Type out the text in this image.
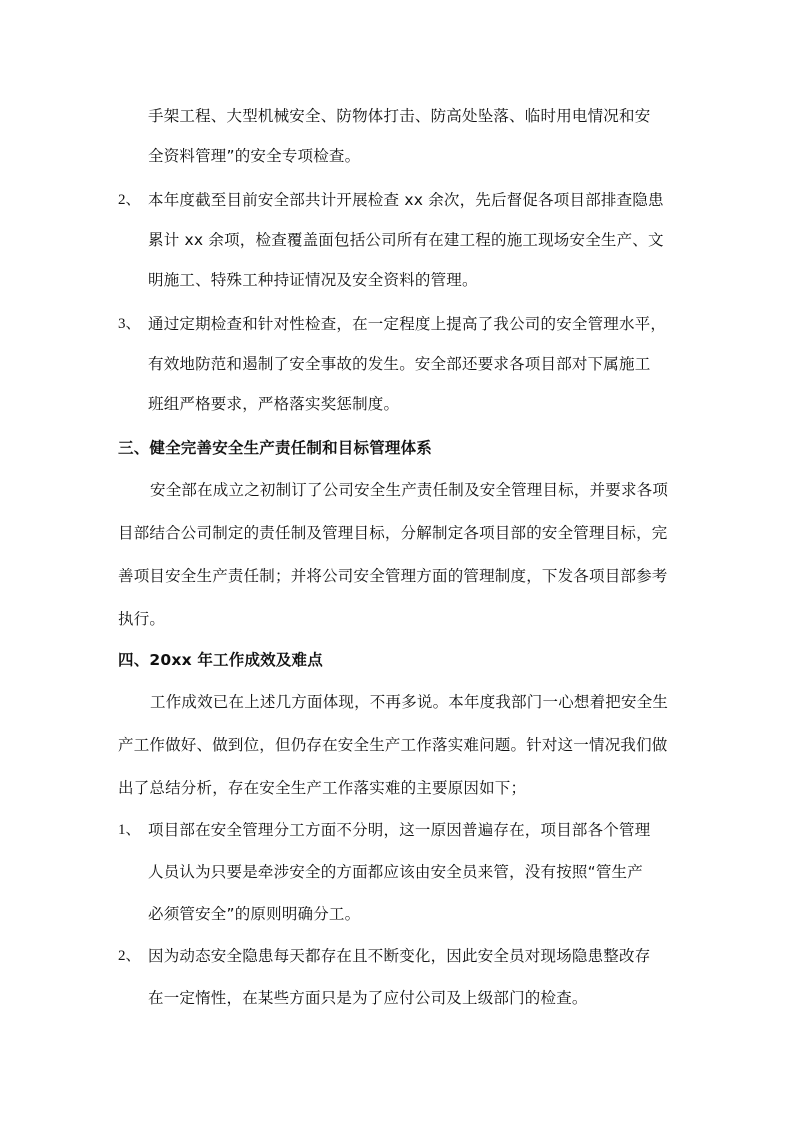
手架工程、大型机械安全、防物体打击、防高处坠落、临时用电情况和安
全资料管理”的安全专项检查。
2、 本年度截至目前安全部共计开展检查 xx 余次，先后督促各项目部排查隐患
累计 xx 余项，检查覆盖面包括公司所有在建工程的施工现场安全生产、文
明施工、特殊工种持证情况及安全资料的管理。
3、 通过定期检查和针对性检查，在一定程度上提高了我公司的安全管理水平，
有效地防范和遏制了安全事故的发生。安全部还要求各项目部对下属施工
班组严格要求，严格落实奖惩制度。
三、健全完善安全生产责任制和目标管理体系
安全部在成立之初制订了公司安全生产责任制及安全管理目标，并要求各项
目部结合公司制定的责任制及管理目标，分解制定各项目部的安全管理目标，完
善项目安全生产责任制；并将公司安全管理方面的管理制度，下发各项目部参考
执行。
四、20xx 年工作成效及难点
工作成效已在上述几方面体现，不再多说。本年度我部门一心想着把安全生
产工作做好、做到位，但仍存在安全生产工作落实难问题。针对这一情况我们做
出了总结分析，存在安全生产工作落实难的主要原因如下；
1、 项目部在安全管理分工方面不分明，这一原因普遍存在，项目部各个管理
人员认为只要是牵涉安全的方面都应该由安全员来管，没有按照“管生产
必须管安全”的原则明确分工。
2、 因为动态安全隐患每天都存在且不断变化，因此安全员对现场隐患整改存
在一定惰性，在某些方面只是为了应付公司及上级部门的检查。
